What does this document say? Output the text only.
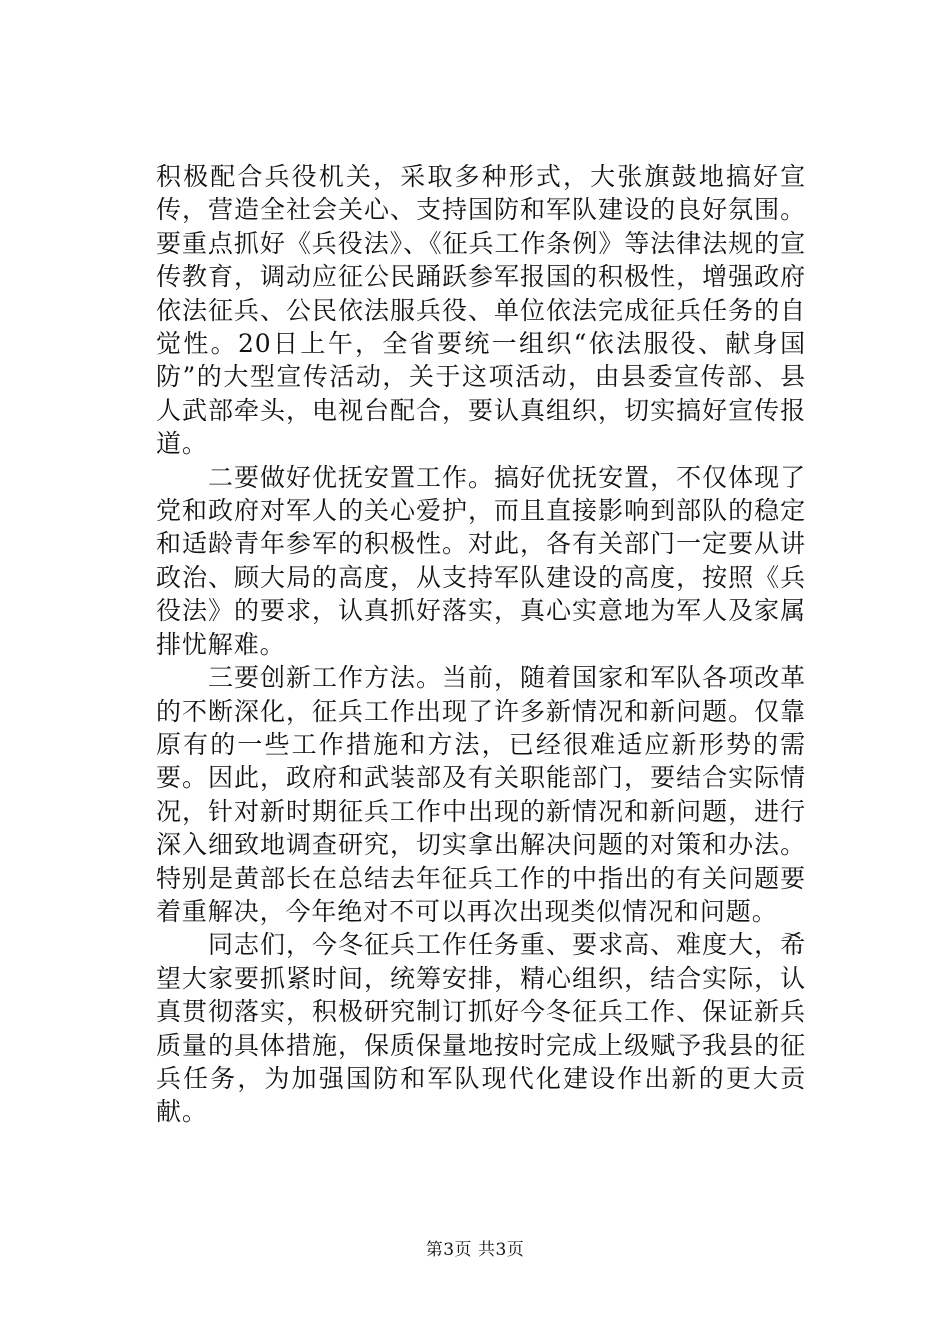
积极配合兵役机关，采取多种形式，大张旗鼓地搞好宣传，营造全社会关心、支持国防和军队建设的良好氛围。要重点抓好《兵役法》、《征兵工作条例》等法律法规的宣传教育，调动应征公民踊跃参军报国的积极性，增强政府依法征兵、公民依法服兵役、单位依法完成征兵任务的自觉性。20日上午，全省要统一组织“依法服役、献身国防”的大型宣传活动，关于这项活动，由县委宣传部、县人武部牵头，电视台配合，要认真组织，切实搞好宣传报道。

二要做好优抚安置工作。搞好优抚安置，不仅体现了党和政府对军人的关心爱护，而且直接影响到部队的稳定和适龄青年参军的积极性。对此，各有关部门一定要从讲政治、顾大局的高度，从支持军队建设的高度，按照《兵役法》的要求，认真抓好落实，真心实意地为军人及家属排忧解难。

三要创新工作方法。当前，随着国家和军队各项改革的不断深化，征兵工作出现了许多新情况和新问题。仅靠原有的一些工作措施和方法，已经很难适应新形势的需要。因此，政府和武装部及有关职能部门，要结合实际情况，针对新时期征兵工作中出现的新情况和新问题，进行深入细致地调查研究，切实拿出解决问题的对策和办法。特别是黄部长在总结去年征兵工作的中指出的有关问题要着重解决，今年绝对不可以再次出现类似情况和问题。

同志们，今冬征兵工作任务重、要求高、难度大，希望大家要抓紧时间，统筹安排，精心组织，结合实际，认真贯彻落实，积极研究制订抓好今冬征兵工作、保证新兵质量的具体措施，保质保量地按时完成上级赋予我县的征兵任务，为加强国防和军队现代化建设作出新的更大贡献。

第3页 共3页
